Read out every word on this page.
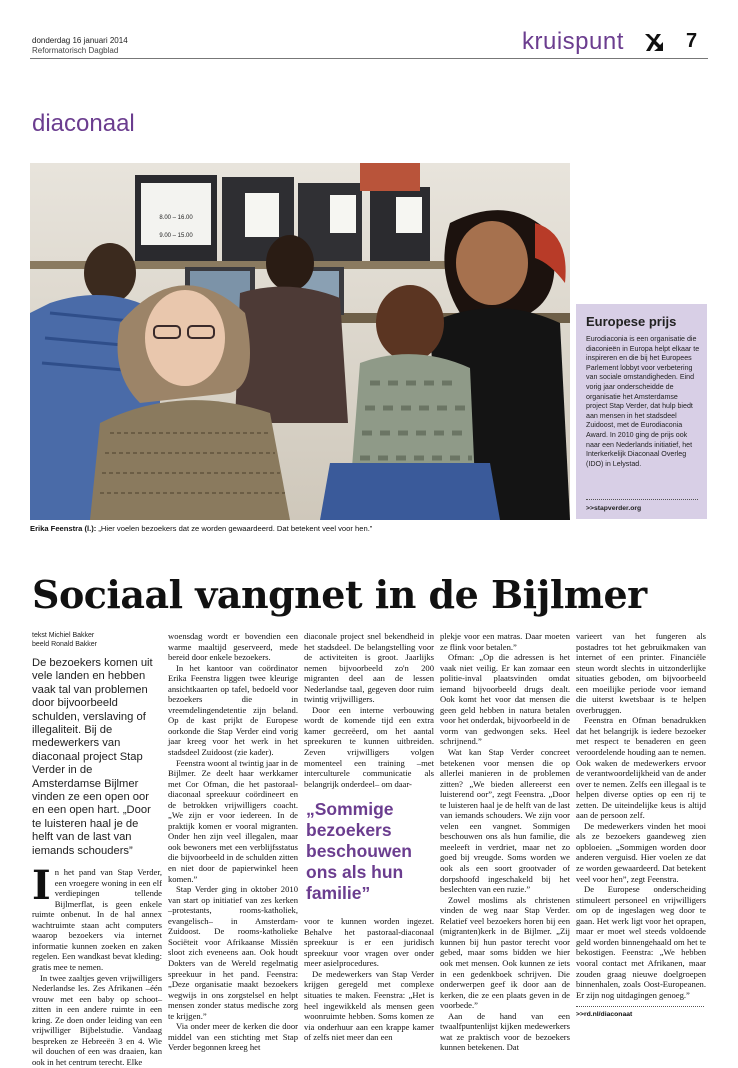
donderdag 16 januari 2014
Reformatorisch Dagblad	kruispunt	7
diaconaal
8.00 – 16.00
9.00 – 15.00
Erika Feenstra (l.): „Hier voelen bezoekers dat ze worden gewaardeerd. Dat betekent veel voor hen.”
Europese prijs
Eurodiaconia is een organisatie die diaconieën in Europa helpt elkaar te inspireren en die bij het Europees Parlement lobbyt voor verbetering van sociale omstandigheden. Eind vorig jaar onderscheidde de organisatie het Amsterdamse project Stap Verder, dat hulp biedt aan mensen in het stadsdeel Zuidoost, met de Eurodiaconia Award. In 2010 ging de prijs ook naar een Nederlands initiatief, het Interkerkelijk Diaconaal Overleg (IDO) in Lelystad.
>>stapverder.org
Sociaal vangnet in de Bijlmer
tekst Michiel Bakker
beeld Ronald Bakker
De bezoekers komen uit vele landen en hebben vaak tal van problemen door bijvoorbeeld schulden, verslaving of illegaliteit. Bij de medewerkers van diaconaal project Stap Verder in de Amsterdamse Bijlmer vinden ze een open oor en een open hart. „Door te luisteren haal je de helft van de last van iemands schouders”

In het pand van Stap Verder, een vroegere woning in een elf verdiepingen tellende Bijlmerflat, is geen enkele ruimte onbenut. In de hal annex wachtruimte staan acht computers waarop bezoekers via internet informatie kunnen zoeken en zaken regelen. Een wandkast bevat kleding: gratis mee te nemen.

In twee zaaltjes geven vrijwilligers Nederlandse les. Zes Afrikanen –één vrouw met een baby op schoot– zitten in een andere ruimte in een kring. Ze doen onder leiding van een vrijwilliger Bijbelstudie. Vandaag bespreken ze Hebreeën 3 en 4. Wie wil douchen of een was draaien, kan ook in het centrum terecht. Elke

woensdag wordt er bovendien een warme maaltijd geserveerd, mede bereid door enkele bezoekers.

In het kantoor van coördinator Erika Feenstra liggen twee kleurige ansichtkaarten op tafel, bedoeld voor bezoekers die in vreemdelingendetentie zijn beland. Op de kast prijkt de Europese oorkonde die Stap Verder eind vorig jaar kreeg voor het werk in het stadsdeel Zuidoost (zie kader).

Feenstra woont al twintig jaar in de Bijlmer. Ze deelt haar werkkamer met Cor Ofman, die het pastoraal-diaconaal spreekuur coördineert en de betrokken vrijwilligers coacht. „We zijn er voor iedereen. In de praktijk komen er vooral migranten. Onder hen zijn veel illegalen, maar ook bewoners met een verblijfsstatus die bijvoorbeeld in de schulden zitten en niet door de papierwinkel heen komen.”

Stap Verder ging in oktober 2010 van start op initiatief van zes kerken –protestants, rooms-katholiek, evangelisch– in Amsterdam-Zuidoost. De rooms-katholieke Sociëteit voor Afrikaanse Missiën sloot zich eveneens aan. Ook houdt Dokters van de Wereld regelmatig spreekuur in het pand. Feenstra: „Deze organisatie maakt bezoekers wegwijs in ons zorgstelsel en helpt mensen zonder status medische zorg te krijgen.”

Via onder meer de kerken die door middel van een stichting met Stap Verder begonnen kreeg het

diaconale project snel bekendheid in het stadsdeel. De belangstelling voor de activiteiten is groot. Jaarlijks nemen bijvoorbeeld zo'n 200 migranten deel aan de lessen Nederlandse taal, gegeven door ruim twintig vrijwilligers.

Door een interne verbouwing wordt de komende tijd een extra kamer gecreëerd, om het aantal spreekuren te kunnen uitbreiden. Zeven vrijwilligers volgen momenteel een training –met interculturele communicatie als belangrijk onderdeel– om daar-

„Sommige bezoekers beschouwen ons als hun familie”

voor te kunnen worden ingezet. Behalve het pastoraal-diaconaal spreekuur is er een juridisch spreekuur voor vragen over onder meer asielprocedures.

De medewerkers van Stap Verder krijgen geregeld met complexe situaties te maken. Feenstra: „Het is heel ingewikkeld als mensen geen woonruimte hebben. Soms komen ze via onderhuur aan een krappe kamer of zelfs niet meer dan een

plekje voor een matras. Daar moeten ze flink voor betalen.”

Ofman: „Op die adressen is het vaak niet veilig. Er kan zomaar een politie-inval plaatsvinden omdat iemand bijvoorbeeld drugs dealt. Ook komt het voor dat mensen die geen geld hebben in natura betalen voor het onderdak, bijvoorbeeld in de vorm van gedwongen seks. Heel schrijnend.”

Wat kan Stap Verder concreet betekenen voor mensen die op allerlei manieren in de problemen zitten? „We bieden allereerst een luisterend oor”, zegt Feenstra. „Door te luisteren haal je de helft van de last van iemands schouders. We zijn voor velen een vangnet. Sommigen beschouwen ons als hun familie, die meeleeft in verdriet, maar net zo goed bij vreugde. Soms worden we ook als een soort grootvader of dorpshoofd ingeschakeld bij het beslechten van een ruzie.”

Zowel moslims als christenen vinden de weg naar Stap Verder. Relatief veel bezoekers horen bij een (migranten)kerk in de Bijlmer. „Zij kunnen bij hun pastor terecht voor gebed, maar soms bidden we hier ook met mensen. Ook kunnen ze iets in een gedenkboek schrijven. Die onderwerpen geef ik door aan de kerken, die ze een plaats geven in de voorbede.”

Aan de hand van een twaalfpuntenlijst kijken medewerkers wat ze praktisch voor de bezoekers kunnen betekenen. Dat

varieert van het fungeren als postadres tot het gebruikmaken van internet of een printer. Financiële steun wordt slechts in uitzonderlijke situaties geboden, om bijvoorbeeld een moeilijke periode voor iemand die uiterst kwetsbaar is te helpen overbruggen.

Feenstra en Ofman benadrukken dat het belangrijk is iedere bezoeker met respect te benaderen en geen veroordelende houding aan te nemen. Ook waken de medewerkers ervoor de verantwoordelijkheid van de ander over te nemen. Zelfs een illegaal is te helpen diverse opties op een rij te zetten. De uiteindelijke keus is altijd aan de persoon zelf.

De medewerkers vinden het mooi als ze bezoekers gaandeweg zien opbloeien. „Sommigen worden door anderen verguisd. Hier voelen ze dat ze worden gewaardeerd. Dat betekent veel voor hen”, zegt Feenstra.

De Europese onderscheiding stimuleert personeel en vrijwilligers om op de ingeslagen weg door te gaan. Het werk ligt voor het oprapen, maar er moet wel steeds voldoende geld worden binnengehaald om het te bekostigen. Feenstra: „We hebben vooral contact met Afrikanen, maar zouden graag nieuwe doelgroepen binnenhalen, zoals Oost-Europeanen. Er zijn nog uitdagingen genoeg.”

>>rd.nl/diaconaat
